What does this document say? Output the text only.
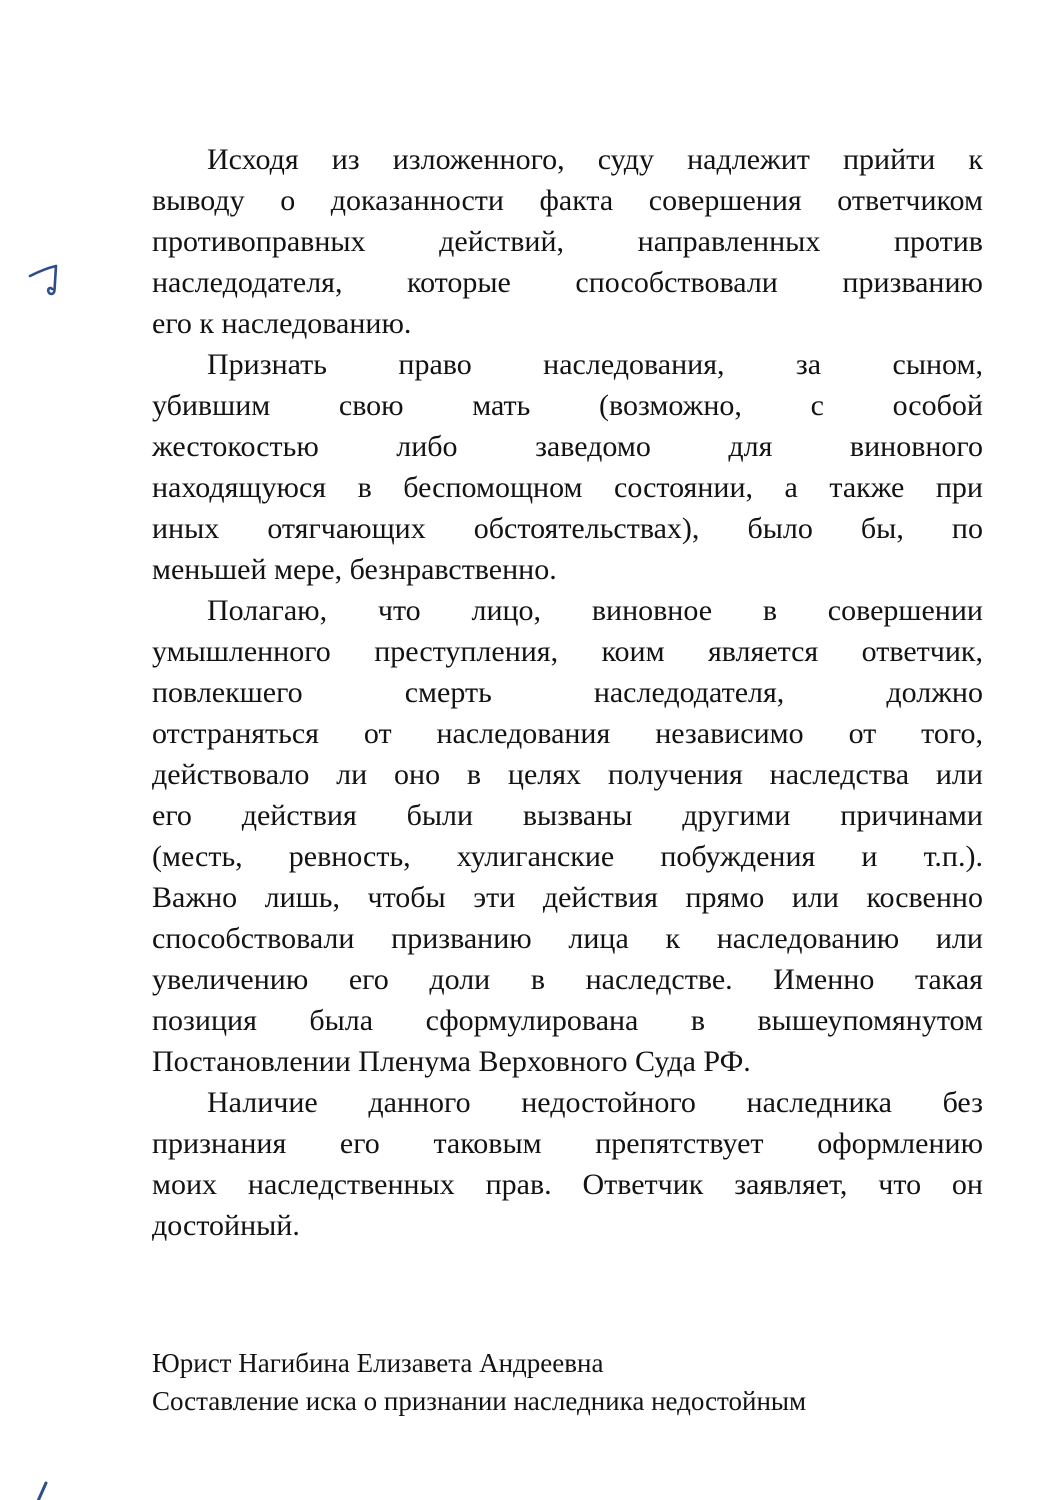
Исходя из изложенного, суду надлежит прийти к
выводу о доказанности факта совершения ответчиком
противоправных действий, направленных против
наследодателя, которые способствовали призванию
его к наследованию.
Признать право наследования, за сыном,
убившим свою мать (возможно, с особой
жестокостью	либо	заведомо	для	виновного
находящуюся в беспомощном состоянии, а также при
иных отягчающих обстоятельствах), было бы, по
меньшей мере, безнравственно.
Полагаю, что лицо, виновное в совершении
умышленного преступления, коим является ответчик,
повлекшего	смерть	наследодателя,	должно
отстраняться от наследования независимо от того,
действовало ли оно в целях получения наследства или
его действия были вызваны другими причинами
(месть, ревность, хулиганские побуждения и т.п.).
Важно лишь, чтобы эти действия прямо или косвенно
способствовали призванию лица к наследованию или
увеличению его доли в наследстве. Именно такая
позиция была сформулирована в вышеупомянутом
Постановлении Пленума Верховного Суда РФ.
Наличие данного недостойного наследника без
признания его таковым препятствует оформлению
моих наследственных прав. Ответчик заявляет, что он
достойный.
Юрист Нагибина Елизавета Андреевна
Составление иска о признании наследника недостойным
